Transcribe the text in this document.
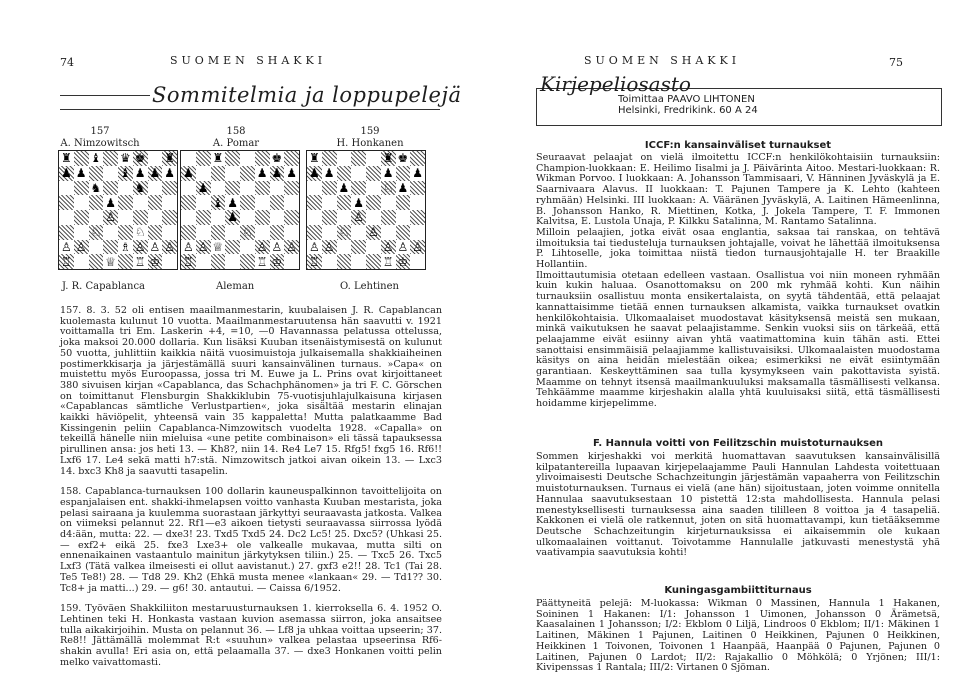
74	SUOMEN SHAKKI
Sommitelmia ja loppupelejä
157
A. Nimzowitsch
158
A. Pomar
159
H. Honkanen
♜ ♝ ♛ ♚ ♜
♟ ♟	♝ ♟ ♟ ♟
♞	♞
♟
♙
♘	♘
♙ ♙	♗ ♙ ♙ ♙
♖	♕ ♖ ♔
♜	♚
♟	♟ ♟ ♟
♟
♝ ♟
♟
♘
♙ ♙ ♕	♙ ♙ ♙
♖	♖ ♔
♜	♜ ♚
♟ ♟	♟ ♟
♟	♘ ♟
♟
♙
♘ ♙
♙ ♙	♙ ♙ ♙
♖	♖ ♔
J. R. Capablanca	Aleman	O. Lehtinen

157. 8. 3. 52 oli entisen maailmanmestarin, kuubalaisen J. R. Capablancan kuolemasta kulunut 10 vuotta. Maailmanmestaruutensa hän saavutti v. 1921 voittamalla tri Em. Laskerin +4, =10, —0 Havannassa pelatussa ottelussa, joka maksoi 20.000 dollaria. Kun lisäksi Kuuban itsenäistymisestä on kulunut 50 vuotta, juhlittiin kaikkia näitä vuosimuistoja julkaisemalla shakkiaiheinen postimerkkisarja ja järjestämällä suuri kansainvälinen turnaus. »Capa« on muistettu myös Euroopassa, jossa tri M. Euwe ja L. Prins ovat kirjoittaneet 380 sivuisen kirjan «Capablanca, das Schachphänomen» ja tri F. C. Görschen on toimittanut Flensburgin Shakkiklubin 75-vuotisjuhlajulkaisuna kirjasen «Capablancas sämtliche Verlustpartien«, joka sisältää mestarin elinajan kaikki häviöpelit, yhteensä vain 35 kappaletta! Mutta palatkaamme Bad Kissingenin peliin Capablanca-Nimzowitsch vuodelta 1928. «Capalla» on tekeillä hänelle niin mieluisa «une petite combinaison» eli tässä tapauksessa pirullinen ansa: jos heti 13. — Kh8?, niin 14. Re4 Le7 15. Rfg5! fxg5 16. Rf6!! Lxf6 17. Le4 sekä matti h7:stä. Nimzowitsch jatkoi aivan oikein 13. — Lxc3 14. bxc3 Kh8 ja saavutti tasapelin.

158. Capablanca-turnauksen 100 dollarin kauneuspalkinnon tavoittelijoita on espanjalaisen ent. shakki-ihmelapsen voitto vanhasta Kuuban mestarista, joka pelasi sairaana ja kuulemma suorastaan järkyttyi seuraavasta jatkosta. Valkea on viimeksi pelannut 22. Rf1—e3 aikoen tietysti seuraavassa siirrossa lyödä d4:ään, mutta: 22. — dxe3! 23. Txd5 Txd5 24. Dc2 Lc5! 25. Dxc5? (Uhkasi 25. — exf2+ eikä 25. fxe3 Lxe3+ ole valkealle mukavaa, mutta silti on ennenaikainen vastaantulo mainitun järkytyksen tiliin.) 25. — Txc5 26. Txc5 Lxf3 (Tätä valkea ilmeisesti ei ollut aavistanut.) 27. gxf3 e2!! 28. Tc1 (Tai 28. Te5 Te8!) 28. — Td8 29. Kh2 (Ehkä musta menee «lankaan« 29. — Td1?? 30. Tc8+ ja matti...) 29. — g6! 30. antautui. — Caissa 6/1952.

159. Työväen Shakkiliiton mestaruusturnauksen 1. kierroksella 6. 4. 1952 O. Lehtinen teki H. Honkasta vastaan kuvion asemassa siirron, joka ansaitsee tulla aikakirjoihin. Musta on pelannut 36. — Lf8 ja uhkaa voittaa upseerin; 37. Re8!! Jättämällä molemmat R:t «suuhun» valkea pelastaa upseerinsa Rf6-shakin avulla! Eri asia on, että pelaamalla 37. — dxe3 Honkanen voitti pelin melko vaivattomasti.

SUOMEN SHAKKI	75
Kirjepeliosasto
Toimittaa PAAVO LIHTONEN
Helsinki, Fredrikink. 60 A 24
ICCF:n kansainväliset turnaukset

Seuraavat pelaajat on vielä ilmoitettu ICCF:n henkilökohtaisiin turnauksiin: Champion-luokkaan: E. Heilimo Iisalmi ja J. Päivärinta Aitoo. Mestari-luokkaan: R. Wikman Porvoo. I luokkaan: A. Johansson Tammisaari, V. Hänninen Jyväskylä ja E. Saarnivaara Alavus. II luokkaan: T. Pajunen Tampere ja K. Lehto (kahteen ryhmään) Helsinki. III luokkaan: A. Vääränen Jyväskylä, A. Laitinen Hämeenlinna, B. Johansson Hanko, R. Miettinen, Kotka, J. Jokela Tampere, T. F. Immonen Kalvitsa, E. Lustola Unaja, P. Kilkku Satalinna, M. Rantamo Satalinna.

Milloin pelaajien, jotka eivät osaa englantia, saksaa tai ranskaa, on tehtävä ilmoituksia tai tiedusteluja turnauksen johtajalle, voivat he lähettää ilmoituksensa P. Lihtoselle, joka toimittaa niistä tiedon turnausjohtajalle H. ter Braakille Hollantiin.

Ilmoittautumisia otetaan edelleen vastaan. Osallistua voi niin moneen ryhmään kuin kukin haluaa. Osanottomaksu on 200 mk ryhmää kohti. Kun näihin turnauksiin osallistuu monta ensikertalaista, on syytä tähdentää, että pelaajat kannattaisimme tietää ennen turnauksen alkamista, vaikka turnaukset ovatkin henkilökohtaisia. Ulkomaalaiset muodostavat käsityksensä meistä sen mukaan, minkä vaikutuksen he saavat pelaajistamme. Senkin vuoksi siis on tärkeää, että pelaajamme eivät esiinny aivan yhtä vaatimattomina kuin tähän asti. Ettei sanottaisi ensimmäisiä pelaajiamme kallistuvaisiksi. Ulkomaalaisten muodostama käsitys on aina heidän mielestään oikea; esimerkiksi ne eivät esiintymään garantiaan. Keskeyttäminen saa tulla kysymykseen vain pakottavista syistä. Maamme on tehnyt itsensä maailmankuuluksi maksamalla täsmällisesti velkansa. Tehkäämme maamme kirjeshakin alalla yhtä kuuluisaksi siitä, että täsmällisesti hoidamme kirjepelimme.

F. Hannula voitti von Feilitzschin muistoturnauksen

Sommen kirjeshakki voi merkitä huomattavan saavutuksen kansainvälisillä kilpatantereilla lupaavan kirjepelaajamme Pauli Hannulan Lahdesta voitettuaan ylivoimaisesti Deutsche Schachzeitungin järjestämän vapaaherra von Feilitzschin muistoturnauksen. Turnaus ei vielä (ane hän) sijoitustaan, joten voimme onnitella Hannulaa saavutuksestaan 10 pistettä 12:sta mahdollisesta. Hannula pelasi menestyksellisesti turnauksessa aina saaden tililleen 8 voittoa ja 4 tasapeliä. Kakkonen ei vielä ole ratkennut, joten on sitä huomattavampi, kun tietääksemme Deutsche Schachzeitungin kirjeturnauksissa ei aikaisemmin ole kukaan ulkomaalainen voittanut. Toivotamme Hannulalle jatkuvasti menestystä yhä vaativampia saavutuksia kohti!

Kuningasgambiittiturnaus

Päättyneitä pelejä: M-luokassa: Wikman 0 Massinen, Hannula 1 Hakanen, Soininen 1 Hakanen: I/1: Johansson 1 Uimonen, Johansson 0 Ärämetsä, Kaasalainen 1 Johansson; I/2: Ekblom 0 Liljä, Lindroos 0 Ekblom; II/1: Mäkinen 1 Laitinen, Mäkinen 1 Pajunen, Laitinen 0 Heikkinen, Pajunen 0 Heikkinen, Heikkinen 1 Toivonen, Toivonen 1 Haanpää, Haanpää 0 Pajunen, Pajunen 0 Laitinen, Pajunen 0 Lardot; II/2: Rajakallio 0 Möhkölä; 0 Yrjönen; III/1: Kivipenssas 1 Rantala; III/2: Virtanen 0 Sjöman.
